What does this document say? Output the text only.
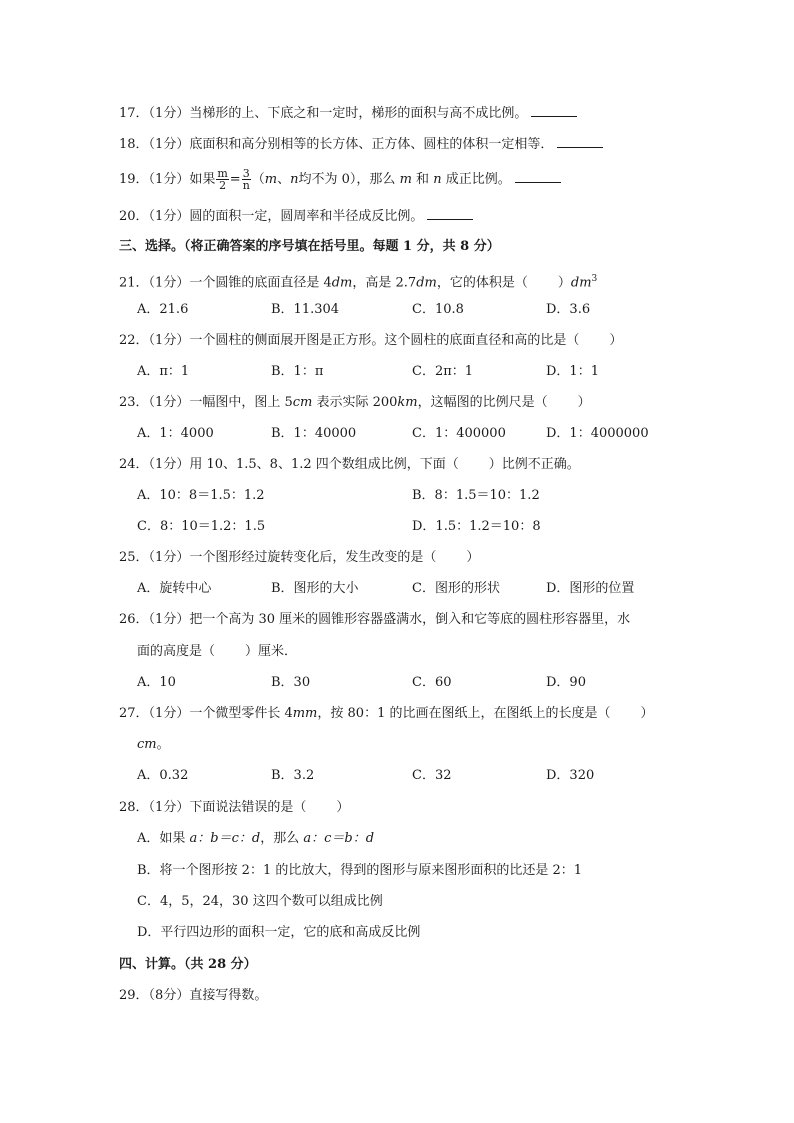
17．（1分）当梯形的上、下底之和一定时，梯形的面积与高不成比例。
18．（1分）底面积和高分别相等的长方体、正方体、圆柱的体积一定相等．
19．（1分）如果 $\frac{m}{2} = \frac{3}{n} (m$、n均不为 0），那么 m 和 n 成正比例。
20．（1分）圆的面积一定，圆周率和半径成反比例。
三、选择。（将正确答案的序号填在括号里。每题 1 分，共 8 分）
21．（1分）一个圆锥的底面直径是 4dm，高是 2.7dm，它的体积是（ ）$dm^3$
A．21.6	B．11.304	C．10.8	D．3.6
22．（1分）一个圆柱的侧面展开图是正方形。这个圆柱的底面直径和高的比是（ ）
A．π：1	B．1：π	C．2π：1	D．1：1
23．（1分）一幅图中，图上 5cm 表示实际 200km，这幅图的比例尺是（ ）
A．1：4000	B．1：40000	C．1：400000	D．1：4000000
24．（1分）用 10、1.5、8、1.2 四个数组成比例，下面（ ）比例不正确。
A．10：8＝1.5：1.2	B．8：1.5＝10：1.2
C．8：10＝1.2：1.5	D．1.5：1.2＝10：8
25．（1分）一个图形经过旋转变化后，发生改变的是（ ）
A．旋转中心	B．图形的大小	C．图形的形状	D．图形的位置
26．（1分）把一个高为 30 厘米的圆锥形容器盛满水，倒入和它等底的圆柱形容器里，水
面的高度是（ ）厘米．
A．10	B．30	C．60	D．90
27．（1分）一个微型零件长 4mm，按 80：1 的比画在图纸上，在图纸上的长度是（ ）
cm。
A．0.32	B．3.2	C．32	D．320
28．（1分）下面说法错误的是（ ）
A．如果 a：b＝c：d，那么 a：c＝b：d
B．将一个图形按 2：1 的比放大，得到的图形与原来图形面积的比还是 2：1
C．4，5，24，30 这四个数可以组成比例
D．平行四边形的面积一定，它的底和高成反比例
四、计算。（共 28 分）
29．（8分）直接写得数。
